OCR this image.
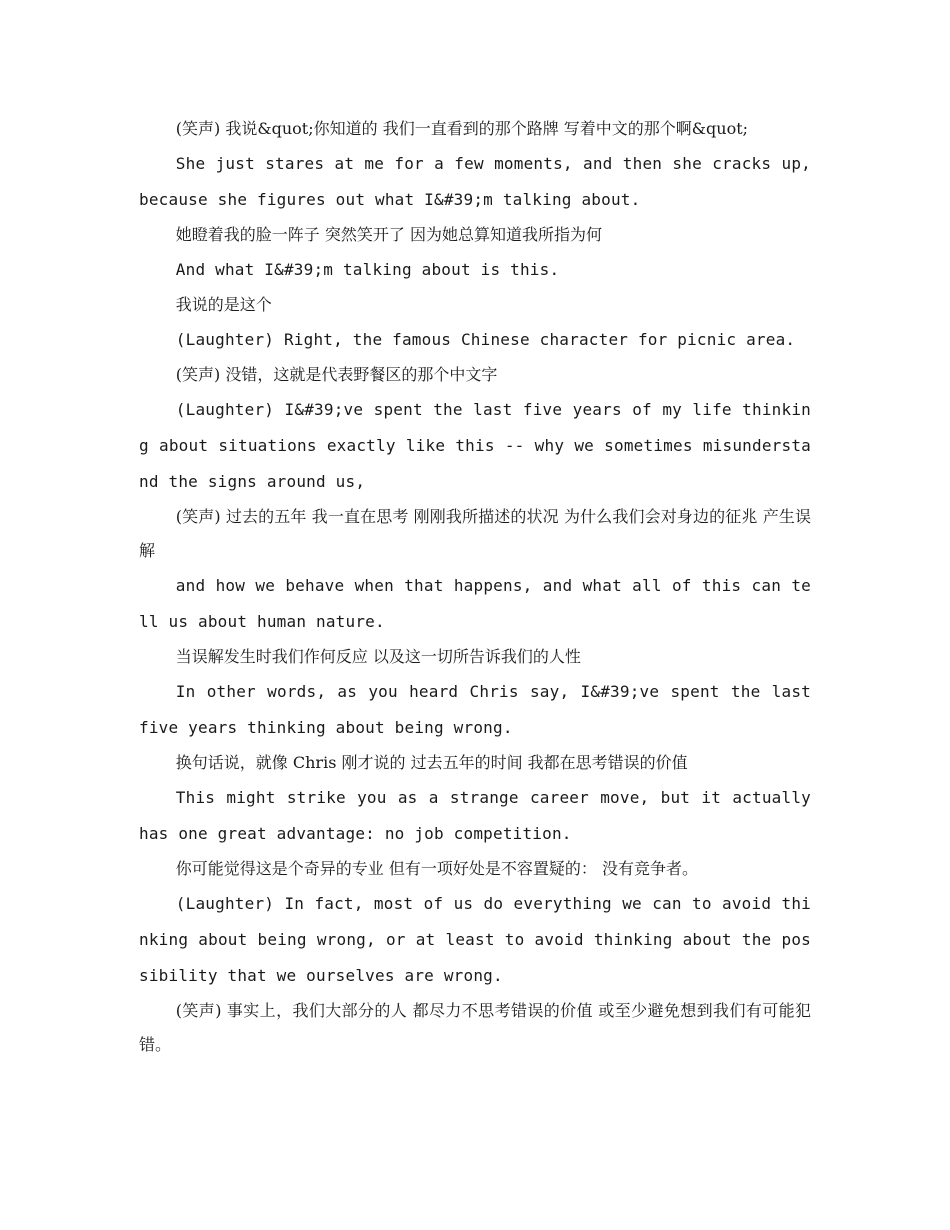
(笑声) 我说&quot;你知道的 我们一直看到的那个路牌 写着中文的那个啊&quot;

She just stares at me for a few moments, and then she cracks up, because she figures out what I&#39;m talking about.

她瞪着我的脸一阵子 突然笑开了 因为她总算知道我所指为何

And what I&#39;m talking about is this.

我说的是这个

(Laughter) Right, the famous Chinese character for picnic area.

(笑声) 没错，这就是代表野餐区的那个中文字

(Laughter) I&#39;ve spent the last five years of my life thinking about situations exactly like this -- why we sometimes misunderstand the signs around us,

(笑声) 过去的五年 我一直在思考 刚刚我所描述的状况 为什么我们会对身边的征兆 产生误解

and how we behave when that happens, and what all of this can tell us about human nature.

当误解发生时我们作何反应 以及这一切所告诉我们的人性

In other words, as you heard Chris say, I&#39;ve spent the last five years thinking about being wrong.

换句话说，就像 Chris 刚才说的 过去五年的时间 我都在思考错误的价值

This might strike you as a strange career move, but it actually has one great advantage: no job competition.

你可能觉得这是个奇异的专业 但有一项好处是不容置疑的： 没有竞争者。

(Laughter) In fact, most of us do everything we can to avoid thinking about being wrong, or at least to avoid thinking about the possibility that we ourselves are wrong.

(笑声) 事实上，我们大部分的人 都尽力不思考错误的价值 或至少避免想到我们有可能犯错。
